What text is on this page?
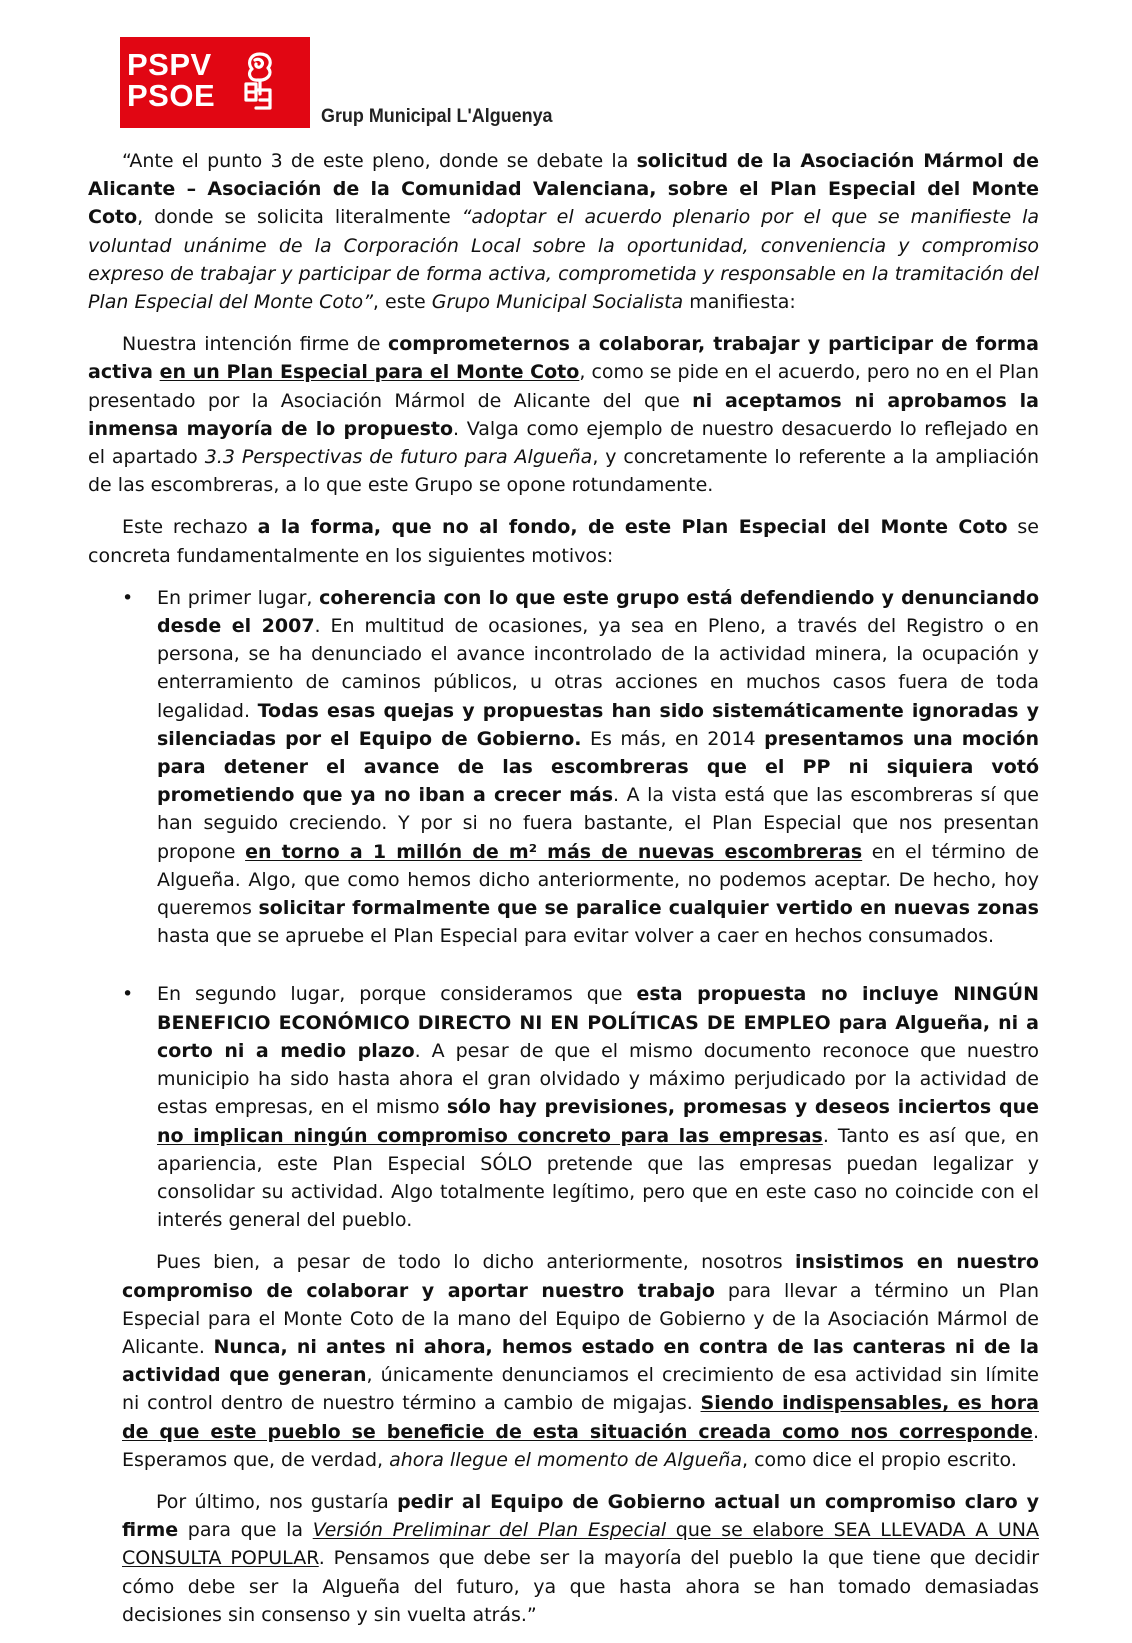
PSPV
PSOE
Grup Municipal L'Alguenya

“Ante el punto 3 de este pleno, donde se debate la solicitud de la Asociación Mármol de Alicante – Asociación de la Comunidad Valenciana, sobre el Plan Especial del Monte Coto, donde se solicita literalmente “adoptar el acuerdo plenario por el que se manifieste la voluntad unánime de la Corporación Local sobre la oportunidad, conveniencia y compromiso expreso de trabajar y participar de forma activa, comprometida y responsable en la tramitación del Plan Especial del Monte Coto”, este Grupo Municipal Socialista manifiesta:

Nuestra intención firme de comprometernos a colaborar, trabajar y participar de forma activa en un Plan Especial para el Monte Coto, como se pide en el acuerdo, pero no en el Plan presentado por la Asociación Mármol de Alicante del que ni aceptamos ni aprobamos la inmensa mayoría de lo propuesto. Valga como ejemplo de nuestro desacuerdo lo reflejado en el apartado 3.3 Perspectivas de futuro para Algueña, y concretamente lo referente a la ampliación de las escombreras, a lo que este Grupo se opone rotundamente.

Este rechazo a la forma, que no al fondo, de este Plan Especial del Monte Coto se concreta fundamentalmente en los siguientes motivos:

• En primer lugar, coherencia con lo que este grupo está defendiendo y denunciando desde el 2007. En multitud de ocasiones, ya sea en Pleno, a través del Registro o en persona, se ha denunciado el avance incontrolado de la actividad minera, la ocupación y enterramiento de caminos públicos, u otras acciones en muchos casos fuera de toda legalidad. Todas esas quejas y propuestas han sido sistemáticamente ignoradas y silenciadas por el Equipo de Gobierno. Es más, en 2014 presentamos una moción para detener el avance de las escombreras que el PP ni siquiera votó prometiendo que ya no iban a crecer más. A la vista está que las escombreras sí que han seguido creciendo. Y por si no fuera bastante, el Plan Especial que nos presentan propone en torno a 1 millón de m² más de nuevas escombreras en el término de Algueña. Algo, que como hemos dicho anteriormente, no podemos aceptar. De hecho, hoy queremos solicitar formalmente que se paralice cualquier vertido en nuevas zonas hasta que se apruebe el Plan Especial para evitar volver a caer en hechos consumados.
• En segundo lugar, porque consideramos que esta propuesta no incluye NINGÚN BENEFICIO ECONÓMICO DIRECTO NI EN POLÍTICAS DE EMPLEO para Algueña, ni a corto ni a medio plazo. A pesar de que el mismo documento reconoce que nuestro municipio ha sido hasta ahora el gran olvidado y máximo perjudicado por la actividad de estas empresas, en el mismo sólo hay previsiones, promesas y deseos inciertos que no implican ningún compromiso concreto para las empresas. Tanto es así que, en apariencia, este Plan Especial SÓLO pretende que las empresas puedan legalizar y consolidar su actividad. Algo totalmente legítimo, pero que en este caso no coincide con el interés general del pueblo.

Pues bien, a pesar de todo lo dicho anteriormente, nosotros insistimos en nuestro compromiso de colaborar y aportar nuestro trabajo para llevar a término un Plan Especial para el Monte Coto de la mano del Equipo de Gobierno y de la Asociación Mármol de Alicante. Nunca, ni antes ni ahora, hemos estado en contra de las canteras ni de la actividad que generan, únicamente denunciamos el crecimiento de esa actividad sin límite ni control dentro de nuestro término a cambio de migajas. Siendo indispensables, es hora de que este pueblo se beneficie de esta situación creada como nos corresponde. Esperamos que, de verdad, ahora llegue el momento de Algueña, como dice el propio escrito.

Por último, nos gustaría pedir al Equipo de Gobierno actual un compromiso claro y firme para que la Versión Preliminar del Plan Especial que se elabore SEA LLEVADA A UNA CONSULTA POPULAR. Pensamos que debe ser la mayoría del pueblo la que tiene que decidir cómo debe ser la Algueña del futuro, ya que hasta ahora se han tomado demasiadas decisiones sin consenso y sin vuelta atrás.”
